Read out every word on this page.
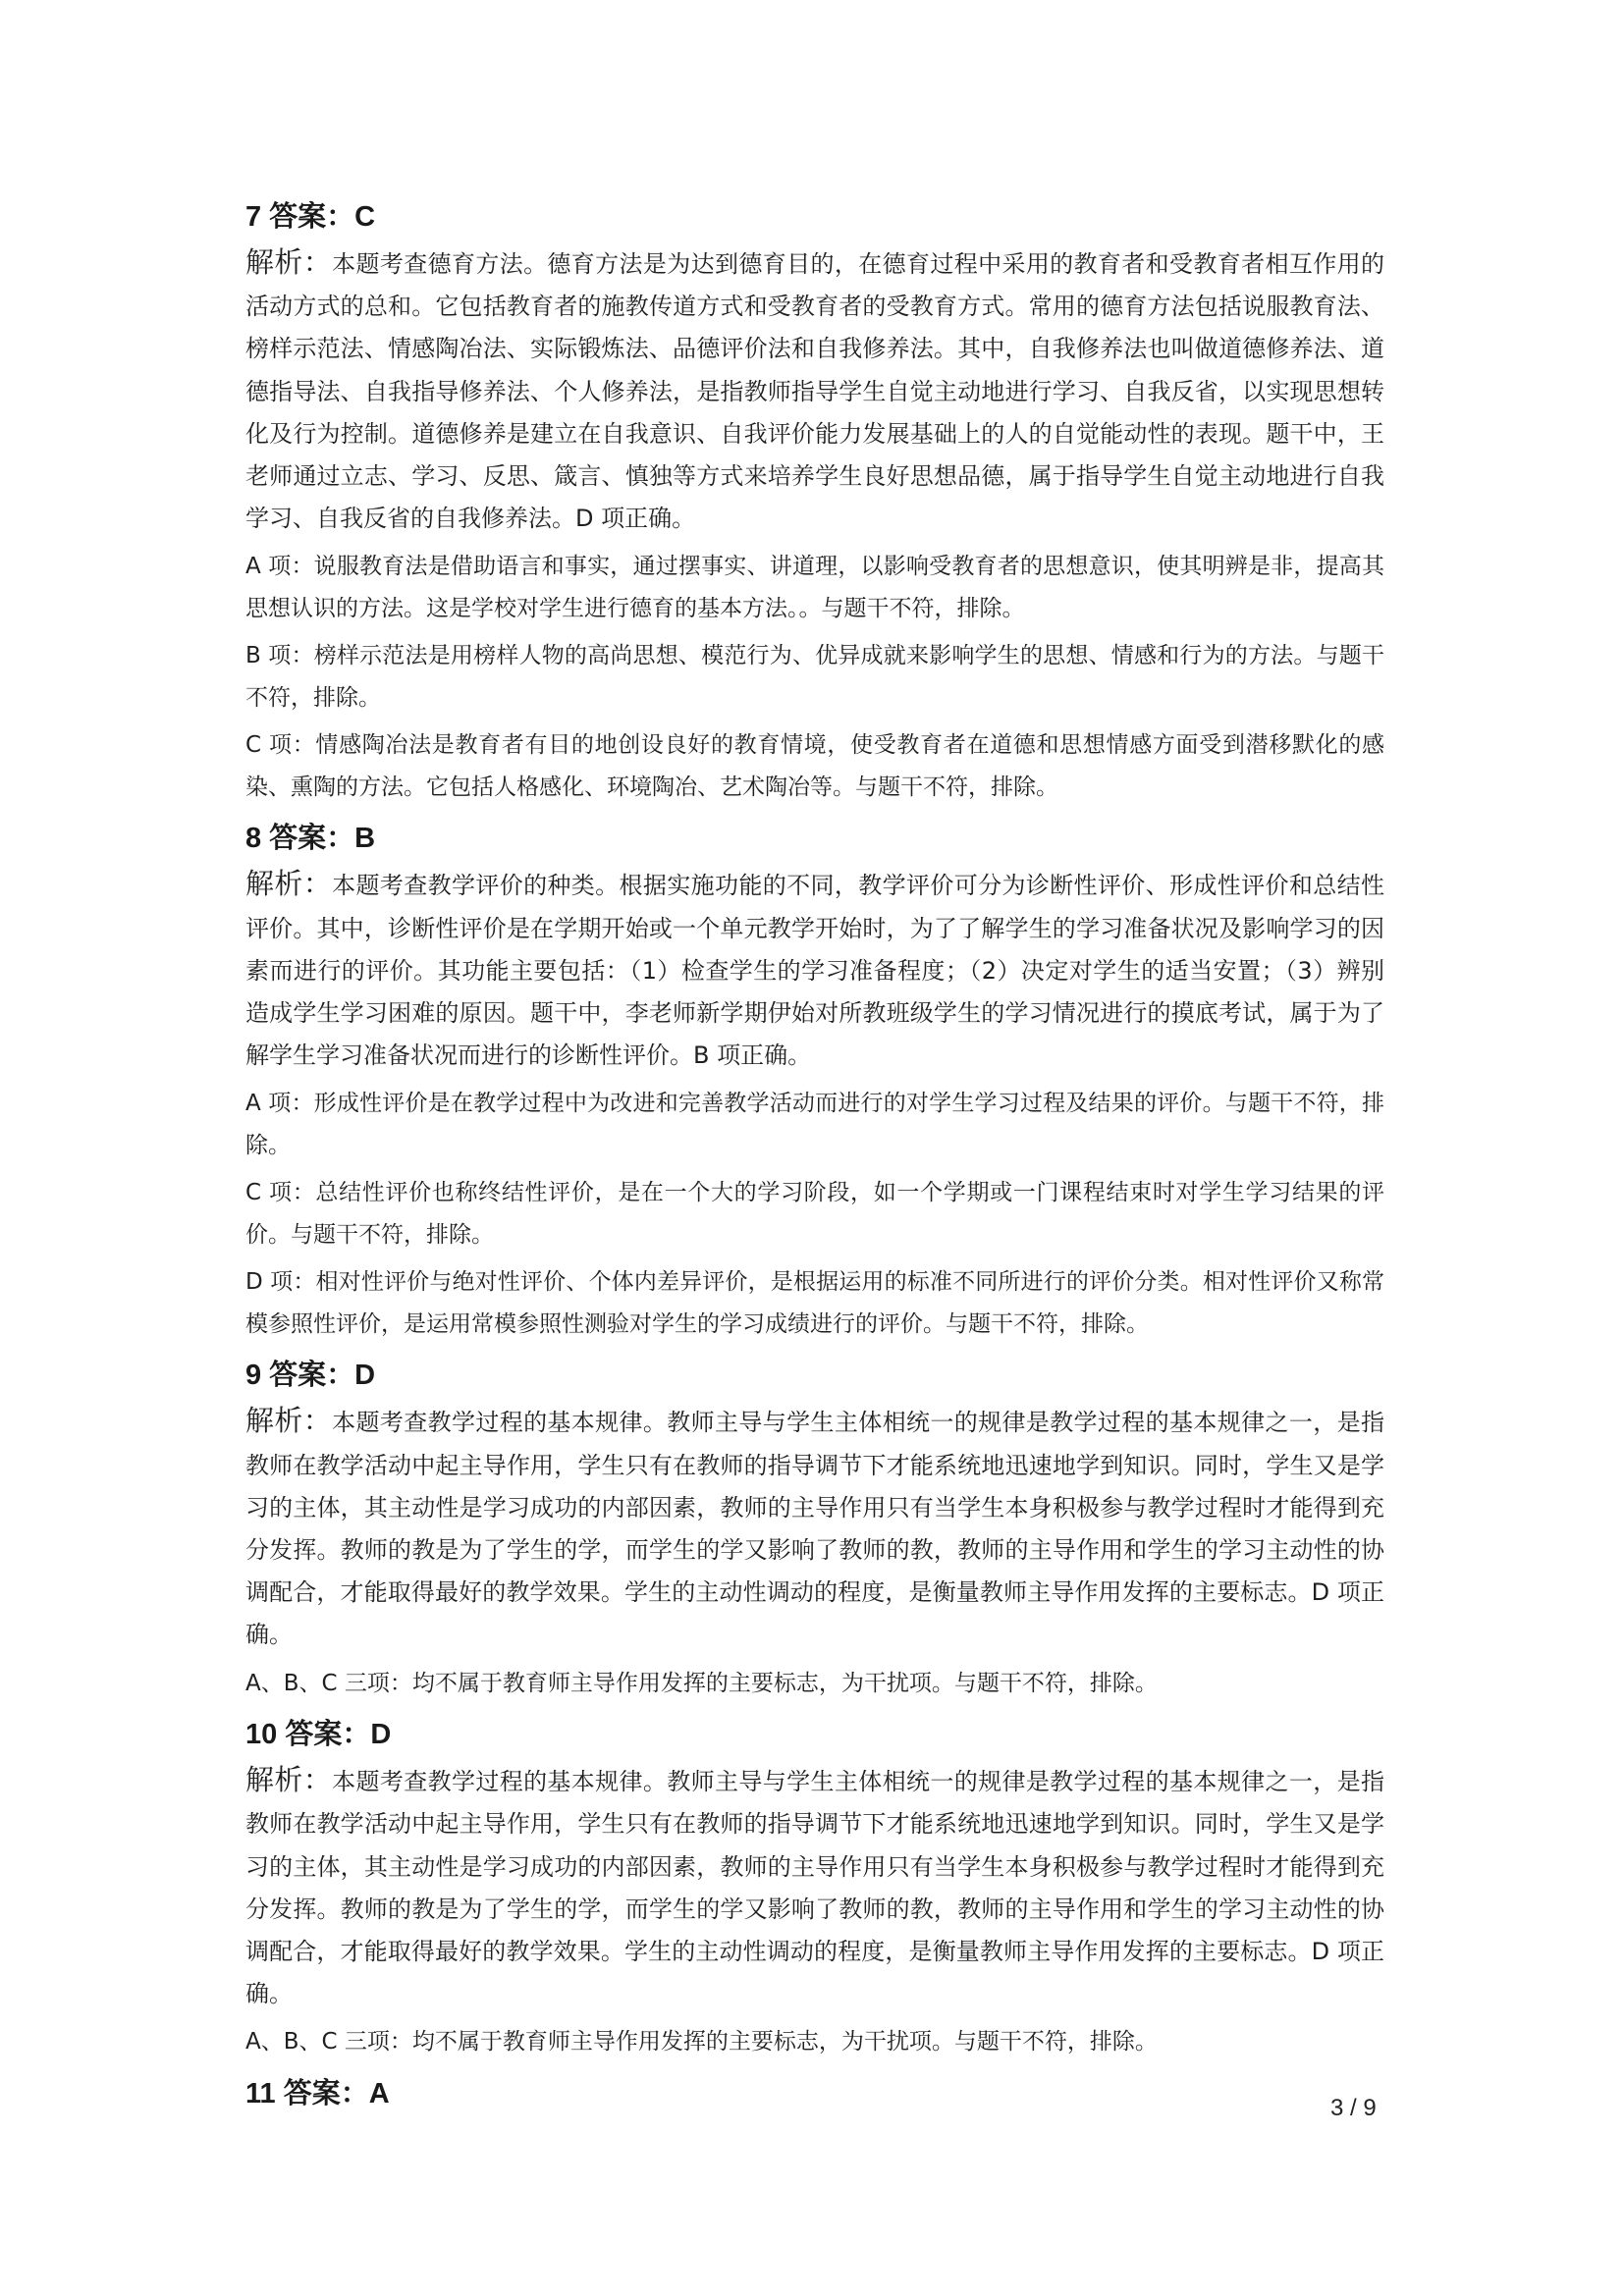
7 答案：C

解析：本题考查德育方法。德育方法是为达到德育目的，在德育过程中采用的教育者和受教育者相互作用的活动方式的总和。它包括教育者的施教传道方式和受教育者的受教育方式。常用的德育方法包括说服教育法、榜样示范法、情感陶冶法、实际锻炼法、品德评价法和自我修养法。其中，自我修养法也叫做道德修养法、道德指导法、自我指导修养法、个人修养法，是指教师指导学生自觉主动地进行学习、自我反省，以实现思想转化及行为控制。道德修养是建立在自我意识、自我评价能力发展基础上的人的自觉能动性的表现。题干中，王老师通过立志、学习、反思、箴言、慎独等方式来培养学生良好思想品德，属于指导学生自觉主动地进行自我学习、自我反省的自我修养法。D 项正确。

A 项：说服教育法是借助语言和事实，通过摆事实、讲道理，以影响受教育者的思想意识，使其明辨是非，提高其思想认识的方法。这是学校对学生进行德育的基本方法。。与题干不符，排除。

B 项：榜样示范法是用榜样人物的高尚思想、模范行为、优异成就来影响学生的思想、情感和行为的方法。与题干不符，排除。

C 项：情感陶冶法是教育者有目的地创设良好的教育情境，使受教育者在道德和思想情感方面受到潜移默化的感染、熏陶的方法。它包括人格感化、环境陶冶、艺术陶冶等。与题干不符，排除。

8 答案：B

解析：本题考查教学评价的种类。根据实施功能的不同，教学评价可分为诊断性评价、形成性评价和总结性评价。其中，诊断性评价是在学期开始或一个单元教学开始时，为了了解学生的学习准备状况及影响学习的因素而进行的评价。其功能主要包括：（1）检查学生的学习准备程度；（2）决定对学生的适当安置；（3）辨别造成学生学习困难的原因。题干中，李老师新学期伊始对所教班级学生的学习情况进行的摸底考试，属于为了解学生学习准备状况而进行的诊断性评价。B 项正确。

A 项：形成性评价是在教学过程中为改进和完善教学活动而进行的对学生学习过程及结果的评价。与题干不符，排除。

C 项：总结性评价也称终结性评价，是在一个大的学习阶段，如一个学期或一门课程结束时对学生学习结果的评价。与题干不符，排除。

D 项：相对性评价与绝对性评价、个体内差异评价，是根据运用的标准不同所进行的评价分类。相对性评价又称常模参照性评价，是运用常模参照性测验对学生的学习成绩进行的评价。与题干不符，排除。

9 答案：D

解析：本题考查教学过程的基本规律。教师主导与学生主体相统一的规律是教学过程的基本规律之一，是指教师在教学活动中起主导作用，学生只有在教师的指导调节下才能系统地迅速地学到知识。同时，学生又是学习的主体，其主动性是学习成功的内部因素，教师的主导作用只有当学生本身积极参与教学过程时才能得到充分发挥。教师的教是为了学生的学，而学生的学又影响了教师的教，教师的主导作用和学生的学习主动性的协调配合，才能取得最好的教学效果。学生的主动性调动的程度，是衡量教师主导作用发挥的主要标志。D 项正确。

A、B、C 三项：均不属于教育师主导作用发挥的主要标志，为干扰项。与题干不符，排除。

10 答案：D

解析：本题考查教学过程的基本规律。教师主导与学生主体相统一的规律是教学过程的基本规律之一，是指教师在教学活动中起主导作用，学生只有在教师的指导调节下才能系统地迅速地学到知识。同时，学生又是学习的主体，其主动性是学习成功的内部因素，教师的主导作用只有当学生本身积极参与教学过程时才能得到充分发挥。教师的教是为了学生的学，而学生的学又影响了教师的教，教师的主导作用和学生的学习主动性的协调配合，才能取得最好的教学效果。学生的主动性调动的程度，是衡量教师主导作用发挥的主要标志。D 项正确。

A、B、C 三项：均不属于教育师主导作用发挥的主要标志，为干扰项。与题干不符，排除。

11 答案：A	3 / 9
